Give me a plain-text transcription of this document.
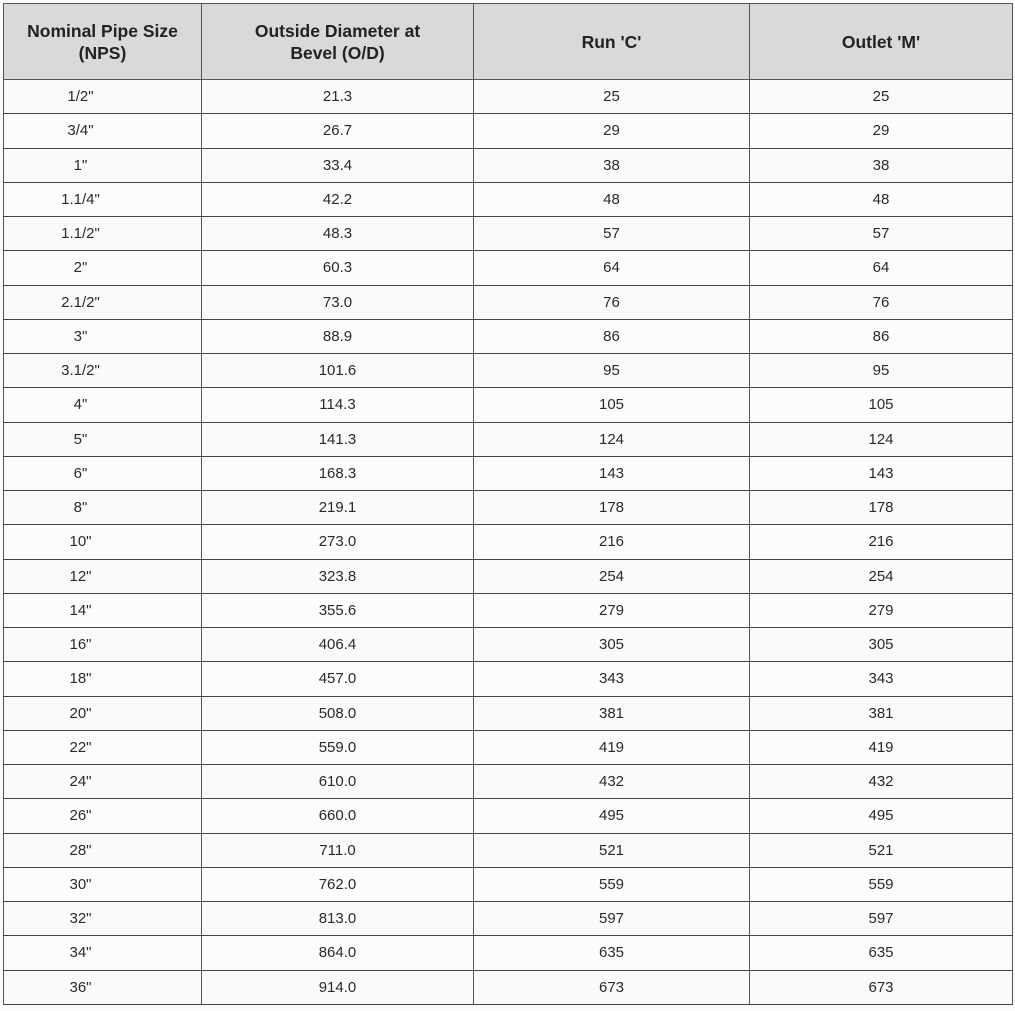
Nominal Pipe Size
(NPS)	Outside Diameter at
Bevel (O/D)	Run 'C'	Outlet 'M'
1/2"	21.3	25	25
3/4"	26.7	29	29
1"	33.4	38	38
1.1/4"	42.2	48	48
1.1/2"	48.3	57	57
2"	60.3	64	64
2.1/2"	73.0	76	76
3"	88.9	86	86
3.1/2"	101.6	95	95
4"	114.3	105	105
5"	141.3	124	124
6"	168.3	143	143
8"	219.1	178	178
10"	273.0	216	216
12"	323.8	254	254
14"	355.6	279	279
16"	406.4	305	305
18"	457.0	343	343
20"	508.0	381	381
22"	559.0	419	419
24"	610.0	432	432
26"	660.0	495	495
28"	711.0	521	521
30"	762.0	559	559
32"	813.0	597	597
34"	864.0	635	635
36"	914.0	673	673
